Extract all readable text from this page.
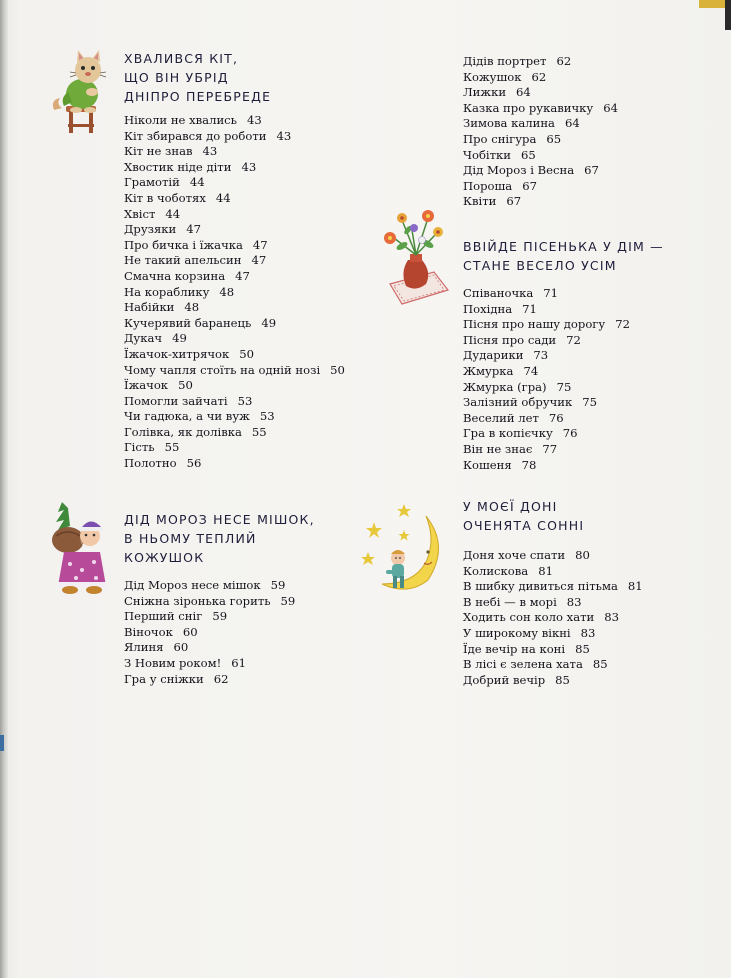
ХВАЛИВСЯ КІТ,
ЩО ВІН УБРІД
ДНІПРО ПЕРЕБРЕДЕ
Ніколи не хвались 43
Кіт збирався до роботи 43
Кіт не знав 43
Хвостик ніде діти 43
Грамотій 44
Кіт в чоботях 44
Хвіст 44
Друзяки 47
Про бичка і їжачка 47
Не такий апельсин 47
Смачна корзина 47
На кораблику 48
Набійки 48
Кучерявий баранець 49
Дукач 49
Їжачок-хитрячок 50
Чому чапля стоїть на одній нозі 50
Їжачок 50
Помогли зайчаті 53
Чи гадюка, а чи вуж 53
Голівка, як долівка 55
Гість 55
Полотно 56
ДІД МОРОЗ НЕСЕ МІШОК,
В НЬОМУ ТЕПЛИЙ
КОЖУШОК
Дід Мороз несе мішок 59
Сніжна зіронька горить 59
Перший сніг 59
Віночок 60
Ялиня 60
З Новим роком! 61
Гра у сніжки 62
Дідів портрет 62
Кожушок 62
Лижки 64
Казка про рукавичку 64
Зимова калина 64
Про снігура 65
Чобітки 65
Дід Мороз і Весна 67
Пороша 67
Квіти 67
ВВІЙДЕ ПІСЕНЬКА У ДІМ —
СТАНЕ ВЕСЕЛО УСІМ
Співаночка 71
Похідна 71
Пісня про нашу дорогу 72
Пісня про сади 72
Дударики 73
Жмурка 74
Жмурка (гра) 75
Залізний обручик 75
Веселий лет 76
Гра в копієчку 76
Він не знає 77
Кошеня 78
У МОЄЇ ДОНІ
ОЧЕНЯТА СОННІ
Доня хоче спати 80
Колискова 81
В шибку дивиться пітьма 81
В небі — в морі 83
Ходить сон коло хати 83
У широкому вікні 83
Їде вечір на коні 85
В лісі є зелена хата 85
Добрий вечір 85
